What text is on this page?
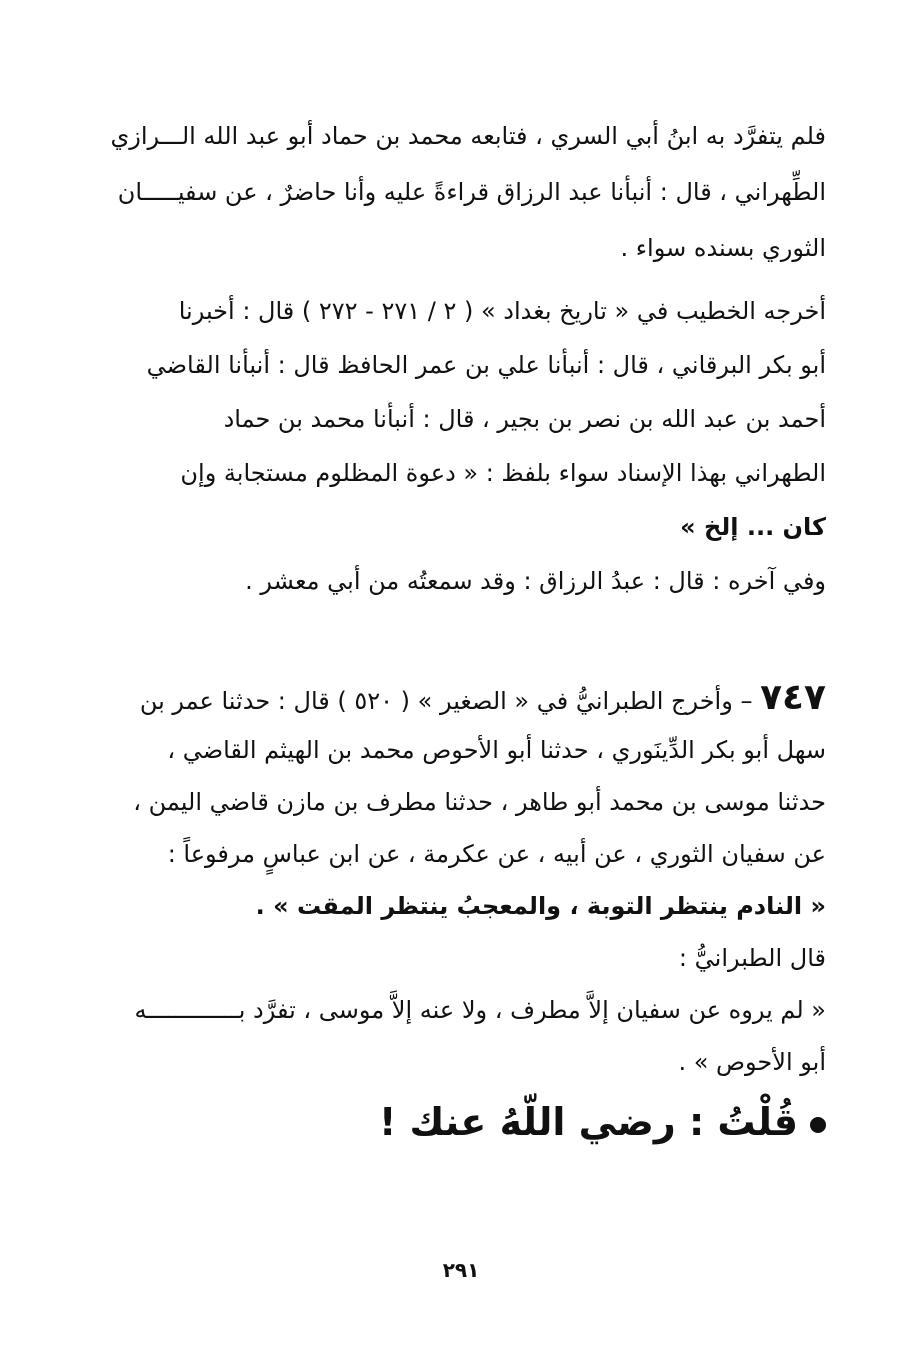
فلم يتفرَّد به ابنُ أبي السري ، فتابعه محمد بن حماد أبو عبد الله الـــرازي
الطِّهراني ، قال : أنبأنا عبد الرزاق قراءةً عليه وأنا حاضرٌ ، عن سفيـــــان
الثوري بسنده سواء .
أخرجه الخطيب في « تاريخ بغداد » ( ٢ / ٢٧١ - ٢٧٢ ) قال : أخبرنا
أبو بكر البرقاني ، قال : أنبأنا علي بن عمر الحافظ قال : أنبأنا القاضي
أحمد بن عبد الله بن نصر بن بجير ، قال : أنبأنا محمد بن حماد
الطهراني بهذا الإسناد سواء بلفظ : « دعوة المظلوم مستجابة وإن
كان ... إلخ »
وفي آخره : قال : عبدُ الرزاق : وقد سمعتُه من أبي معشر .
٧٤٧ – وأخرج الطبرانيُّ في « الصغير » ( ٥٢٠ ) قال : حدثنا عمر بن
سهل أبو بكر الدِّينَوري ، حدثنا أبو الأحوص محمد بن الهيثم القاضي ،
حدثنا موسى بن محمد أبو طاهر ، حدثنا مطرف بن مازن قاضي اليمن ،
عن سفيان الثوري ، عن أبيه ، عن عكرمة ، عن ابن عباسٍ مرفوعاً :
« النادم ينتظر التوبة ، والمعجبُ ينتظر المقت » .
قال الطبرانيُّ :
« لم يروه عن سفيان إلاَّ مطرف ، ولا عنه إلاَّ موسى ، تفرَّد بـــــــــــــه
أبو الأحوص » .
قُلْتُ : رضي اللّهُ عنك !
٢٩١
